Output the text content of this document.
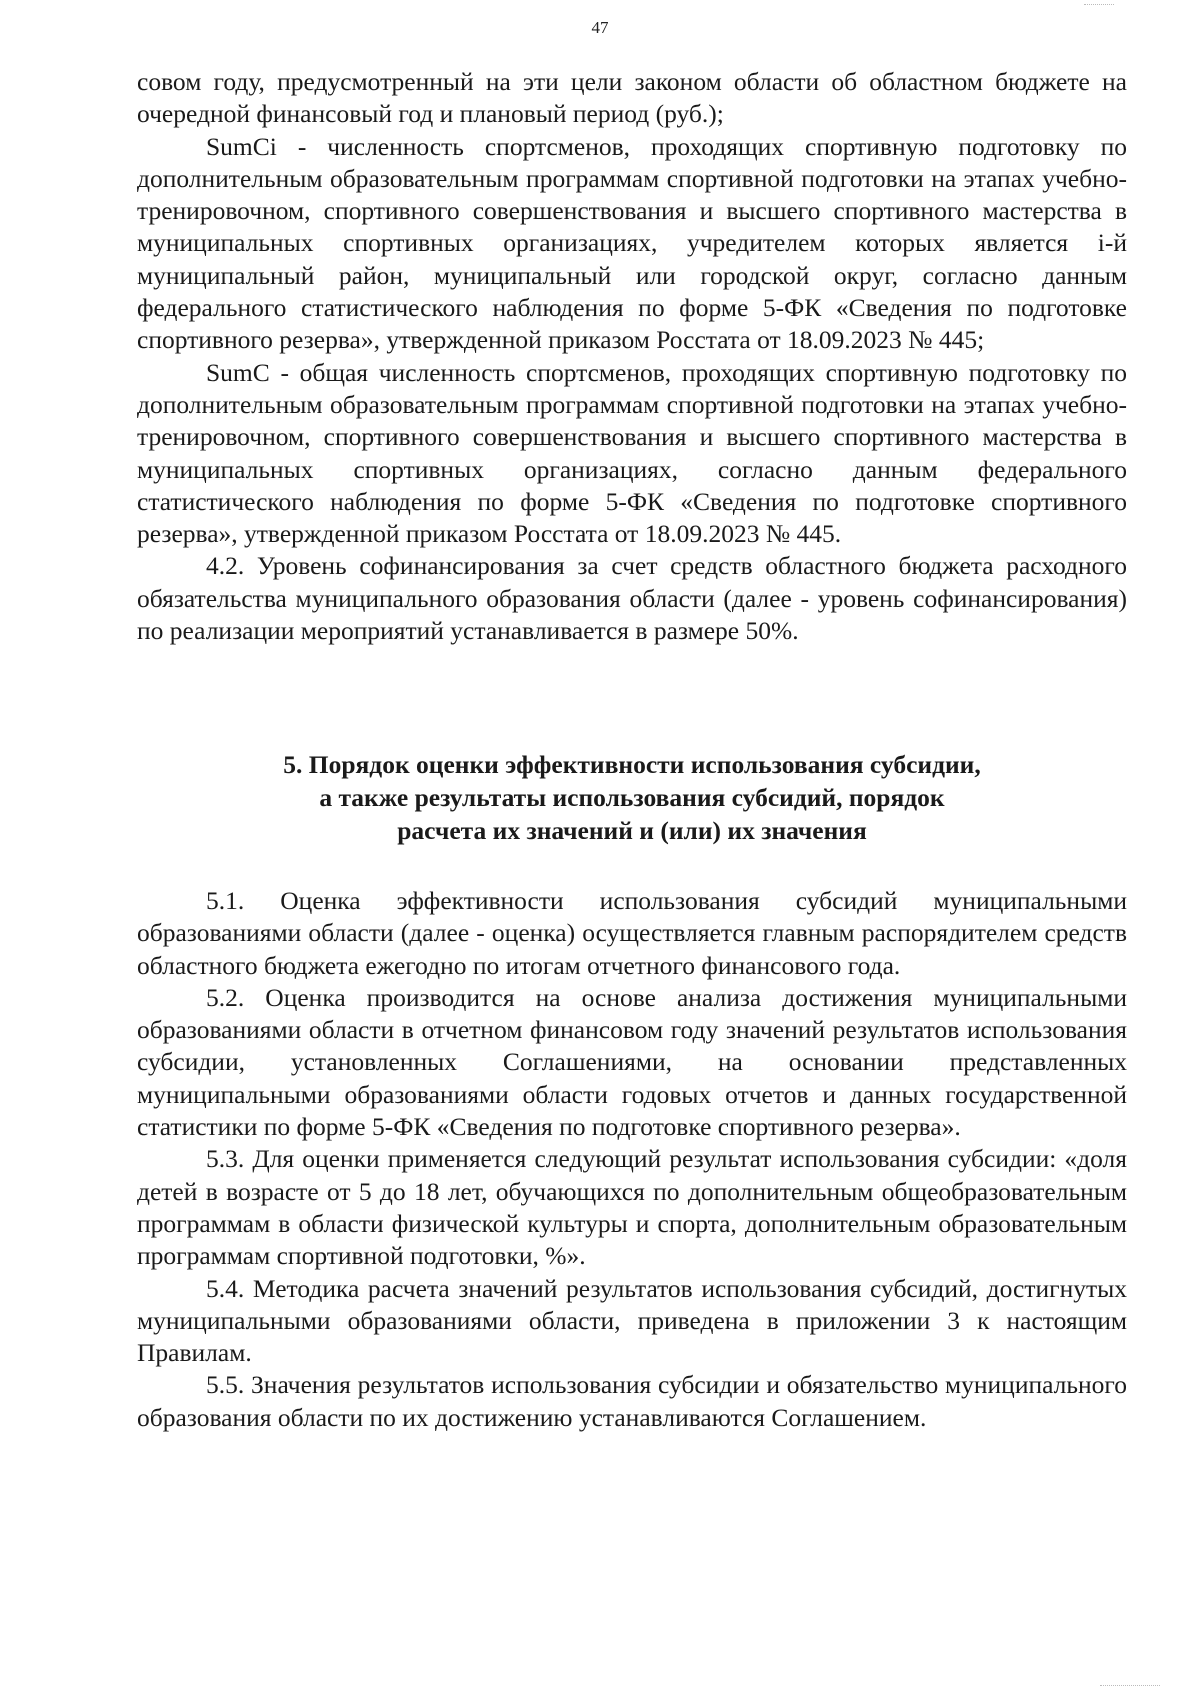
47

совом году, предусмотренный на эти цели законом области об областном бюджете на очередной финансовый год и плановый период (руб.);

SumCi - численность спортсменов, проходящих спортивную подготовку по дополнительным образовательным программам спортивной подготовки на этапах учебно-тренировочном, спортивного совершенствования и высшего спортивного мастерства в муниципальных спортивных организациях, учредителем которых является i-й муниципальный район, муниципальный или городской округ, согласно данным федерального статистического наблюдения по форме 5-ФК «Сведения по подготовке спортивного резерва», утвержденной приказом Росстата от 18.09.2023 № 445;

SumC - общая численность спортсменов, проходящих спортивную подготовку по дополнительным образовательным программам спортивной подготовки на этапах учебно-тренировочном, спортивного совершенствования и высшего спортивного мастерства в муниципальных спортивных организациях, согласно данным федерального статистического наблюдения по форме 5-ФК «Сведения по подготовке спортивного резерва», утвержденной приказом Росстата от 18.09.2023 № 445.

4.2. Уровень софинансирования за счет средств областного бюджета расходного обязательства муниципального образования области (далее - уровень софинансирования) по реализации мероприятий устанавливается в размере 50%.

5. Порядок оценки эффективности использования субсидии,
а также результаты использования субсидий, порядок
расчета их значений и (или) их значения

5.1. Оценка эффективности использования субсидий муниципальными образованиями области (далее - оценка) осуществляется главным распорядителем средств областного бюджета ежегодно по итогам отчетного финансового года.

5.2. Оценка производится на основе анализа достижения муниципальными образованиями области в отчетном финансовом году значений результатов использования субсидии, установленных Соглашениями, на основании представленных муниципальными образованиями области годовых отчетов и данных государственной статистики по форме 5-ФК «Сведения по подготовке спортивного резерва».

5.3. Для оценки применяется следующий результат использования субсидии: «доля детей в возрасте от 5 до 18 лет, обучающихся по дополнительным общеобразовательным программам в области физической культуры и спорта, дополнительным образовательным программам спортивной подготовки, %».

5.4. Методика расчета значений результатов использования субсидий, достигнутых муниципальными образованиями области, приведена в приложении 3 к настоящим Правилам.

5.5. Значения результатов использования субсидии и обязательство муниципального образования области по их достижению устанавливаются Соглашением.
